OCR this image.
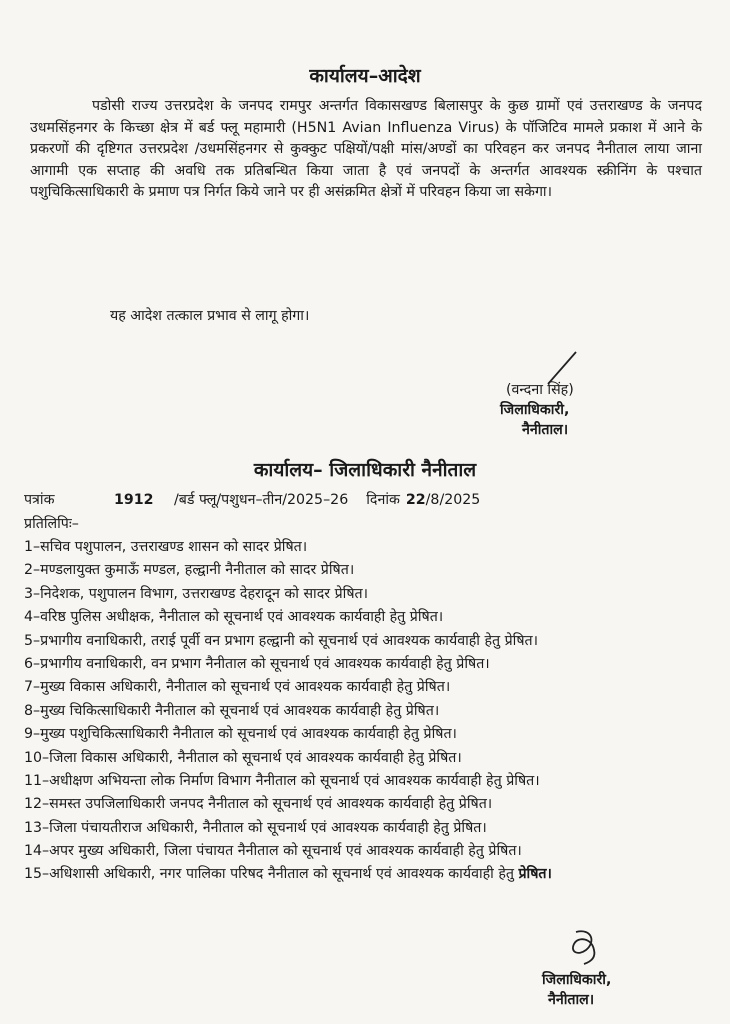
कार्यालय–आदेश
पडोसी राज्य उत्तरप्रदेश के जनपद रामपुर अन्तर्गत विकासखण्ड बिलासपुर के कुछ ग्रामों एवं उत्तराखण्ड के जनपद उधमसिंहनगर के किच्छा क्षेत्र में बर्ड फ्लू महामारी (H5N1 Avian Influenza Virus) के पॉजिटिव मामले प्रकाश में आने के प्रकरणों की दृष्टिगत उत्तरप्रदेश /उधमसिंहनगर से कुक्कुट पक्षियों/पक्षी मांस/अण्डों का परिवहन कर जनपद नैनीताल लाया जाना आगामी एक सप्ताह की अवधि तक प्रतिबन्धित किया जाता है एवं जनपदों के अन्तर्गत आवश्यक स्क्रीनिंग के पश्चात पशुचिकित्साधिकारी के प्रमाण पत्र निर्गत किये जाने पर ही असंक्रमित क्षेत्रों में परिवहन किया जा सकेगा।
यह आदेश तत्काल प्रभाव से लागू होगा।
(वन्दना सिंह)
जिलाधिकारी,
नैनीताल।
कार्यालय– जिलाधिकारी नैनीताल
पत्रांक	1912 /बर्ड फ्लू/पशुधन–तीन/2025–26 दिनांक 22/8/2025
प्रतिलिपिः–
1–सचिव पशुपालन, उत्तराखण्ड शासन को सादर प्रेषित।
2–मण्डलायुक्त कुमाऊँ मण्डल, हल्द्वानी नैनीताल को सादर प्रेषित।
3–निदेशक, पशुपालन विभाग, उत्तराखण्ड देहरादून को सादर प्रेषित।
4–वरिष्ठ पुलिस अधीक्षक, नैनीताल को सूचनार्थ एवं आवश्यक कार्यवाही हेतु प्रेषित।
5–प्रभागीय वनाधिकारी, तराई पूर्वी वन प्रभाग हल्द्वानी को सूचनार्थ एवं आवश्यक कार्यवाही हेतु प्रेषित।
6–प्रभागीय वनाधिकारी, वन प्रभाग नैनीताल को सूचनार्थ एवं आवश्यक कार्यवाही हेतु प्रेषित।
7–मुख्य विकास अधिकारी, नैनीताल को सूचनार्थ एवं आवश्यक कार्यवाही हेतु प्रेषित।
8–मुख्य चिकित्साधिकारी नैनीताल को सूचनार्थ एवं आवश्यक कार्यवाही हेतु प्रेषित।
9–मुख्य पशुचिकित्साधिकारी नैनीताल को सूचनार्थ एवं आवश्यक कार्यवाही हेतु प्रेषित।
10–जिला विकास अधिकारी, नैनीताल को सूचनार्थ एवं आवश्यक कार्यवाही हेतु प्रेषित।
11–अधीक्षण अभियन्ता लोक निर्माण विभाग नैनीताल को सूचनार्थ एवं आवश्यक कार्यवाही हेतु प्रेषित।
12–समस्त उपजिलाधिकारी जनपद नैनीताल को सूचनार्थ एवं आवश्यक कार्यवाही हेतु प्रेषित।
13–जिला पंचायतीराज अधिकारी, नैनीताल को सूचनार्थ एवं आवश्यक कार्यवाही हेतु प्रेषित।
14–अपर मुख्य अधिकारी, जिला पंचायत नैनीताल को सूचनार्थ एवं आवश्यक कार्यवाही हेतु प्रेषित।
15–अधिशासी अधिकारी, नगर पालिका परिषद नैनीताल को सूचनार्थ एवं आवश्यक कार्यवाही हेतु प्रेषित।
जिलाधिकारी,
नैनीताल।
